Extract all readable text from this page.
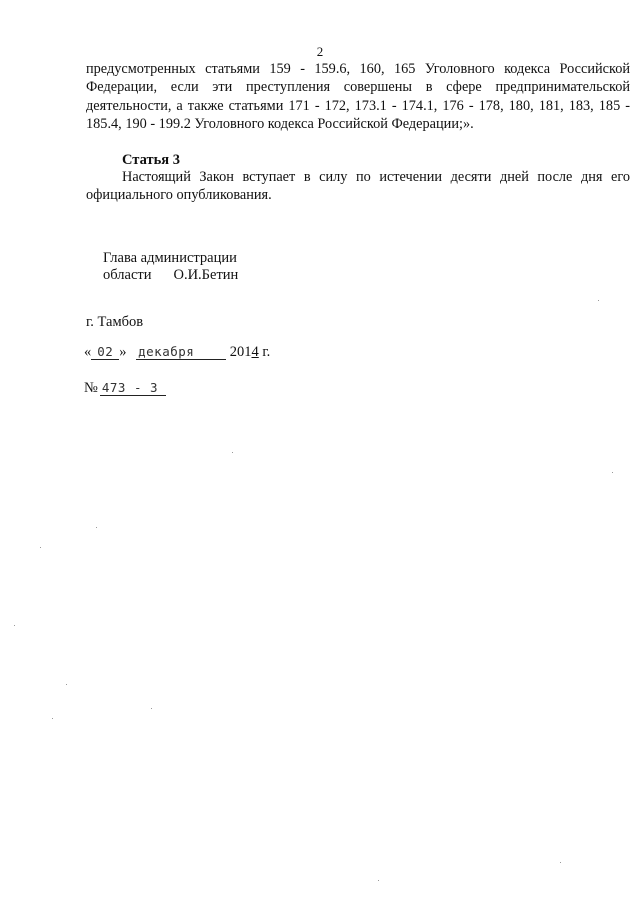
2
предусмотренных статьями 159 - 159.6, 160, 165 Уголовного кодекса Российской Федерации, если эти преступления совершены в сфере предпринимательской деятельности, а также статьями 171 - 172, 173.1 - 174.1, 176 - 178, 180, 181, 183, 185 - 185.4, 190 - 199.2 Уголовного кодекса Российской Федерации;».
Статья 3
Настоящий Закон вступает в силу по истечении десяти дней после дня его официального опубликования.
Глава администрации
области О.И.Бетин
г. Тамбов
« 02 » декабря 2014 г.
№ 473 - З
